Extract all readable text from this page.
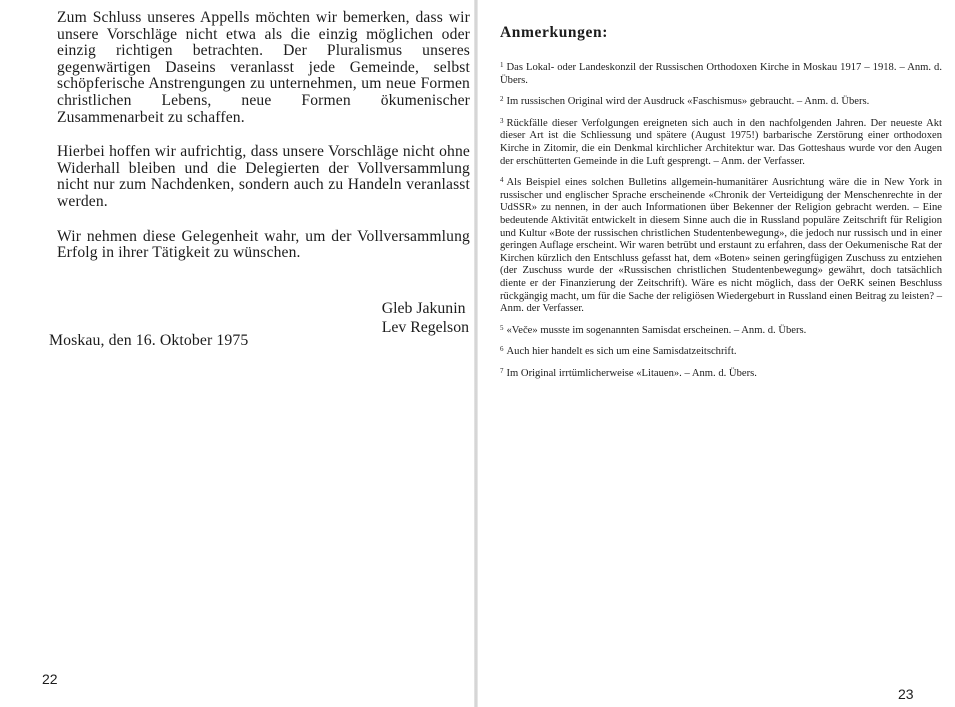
Zum Schluss unseres Appells möchten wir bemerken, dass wir unsere Vorschläge nicht etwa als die einzig möglichen oder einzig richtigen betrachten. Der Pluralismus unseres gegenwärtigen Daseins veranlasst jede Gemeinde, selbst schöpferische Anstrengungen zu unternehmen, um neue Formen christlichen Lebens, neue Formen ökumenischer Zusammenarbeit zu schaffen.

Hierbei hoffen wir aufrichtig, dass unsere Vorschläge nicht ohne Widerhall bleiben und die Delegierten der Vollversammlung nicht nur zum Nachdenken, sondern auch zu Handeln veranlasst werden.

Wir nehmen diese Gelegenheit wahr, um der Vollversammlung Erfolg in ihrer Tätigkeit zu wünschen.

Gleb Jakunin
Lev Regelson
Moskau, den 16. Oktober 1975
22
Anmerkungen:
$^1$ Das Lokal- oder Landeskonzil der Russischen Orthodoxen Kirche in Moskau 1917 – 1918. – Anm. d. Übers.
$^2$ Im russischen Original wird der Ausdruck «Faschismus» gebraucht. – Anm. d. Übers.
$^3$ Rückfälle dieser Verfolgungen ereigneten sich auch in den nachfolgenden Jahren. Der neueste Akt dieser Art ist die Schliessung und spätere (August 1975!) barbarische Zerstörung einer orthodoxen Kirche in Zitomir, die ein Denkmal kirchlicher Architektur war. Das Gotteshaus wurde vor den Augen der erschütterten Gemeinde in die Luft gesprengt. – Anm. der Verfasser.
$^4$ Als Beispiel eines solchen Bulletins allgemein-humanitärer Ausrichtung wäre die in New York in russischer und englischer Sprache erscheinende «Chronik der Verteidigung der Menschenrechte in der UdSSR» zu nennen, in der auch Informationen über Bekenner der Religion gebracht werden. – Eine bedeutende Aktivität entwickelt in diesem Sinne auch die in Russland populäre Zeitschrift für Religion und Kultur «Bote der russischen christlichen Studentenbewegung», die jedoch nur russisch und in einer geringen Auflage erscheint. Wir waren betrübt und erstaunt zu erfahren, dass der Oekumenische Rat der Kirchen kürzlich den Entschluss gefasst hat, dem «Boten» seinen geringfügigen Zuschuss zu entziehen (der Zuschuss wurde der «Russischen christlichen Studentenbewegung» gewährt, doch tatsächlich diente er der Finanzierung der Zeitschrift). Wäre es nicht möglich, dass der OeRK seinen Beschluss rückgängig macht, um für die Sache der religiösen Wiedergeburt in Russland einen Beitrag zu leisten? – Anm. der Verfasser.
$^5$ «Veče» musste im sogenannten Samisdat erscheinen. – Anm. d. Übers.
$^6$ Auch hier handelt es sich um eine Samisdatzeitschrift.
$^7$ Im Original irrtümlicherweise «Litauen». – Anm. d. Übers.
23
